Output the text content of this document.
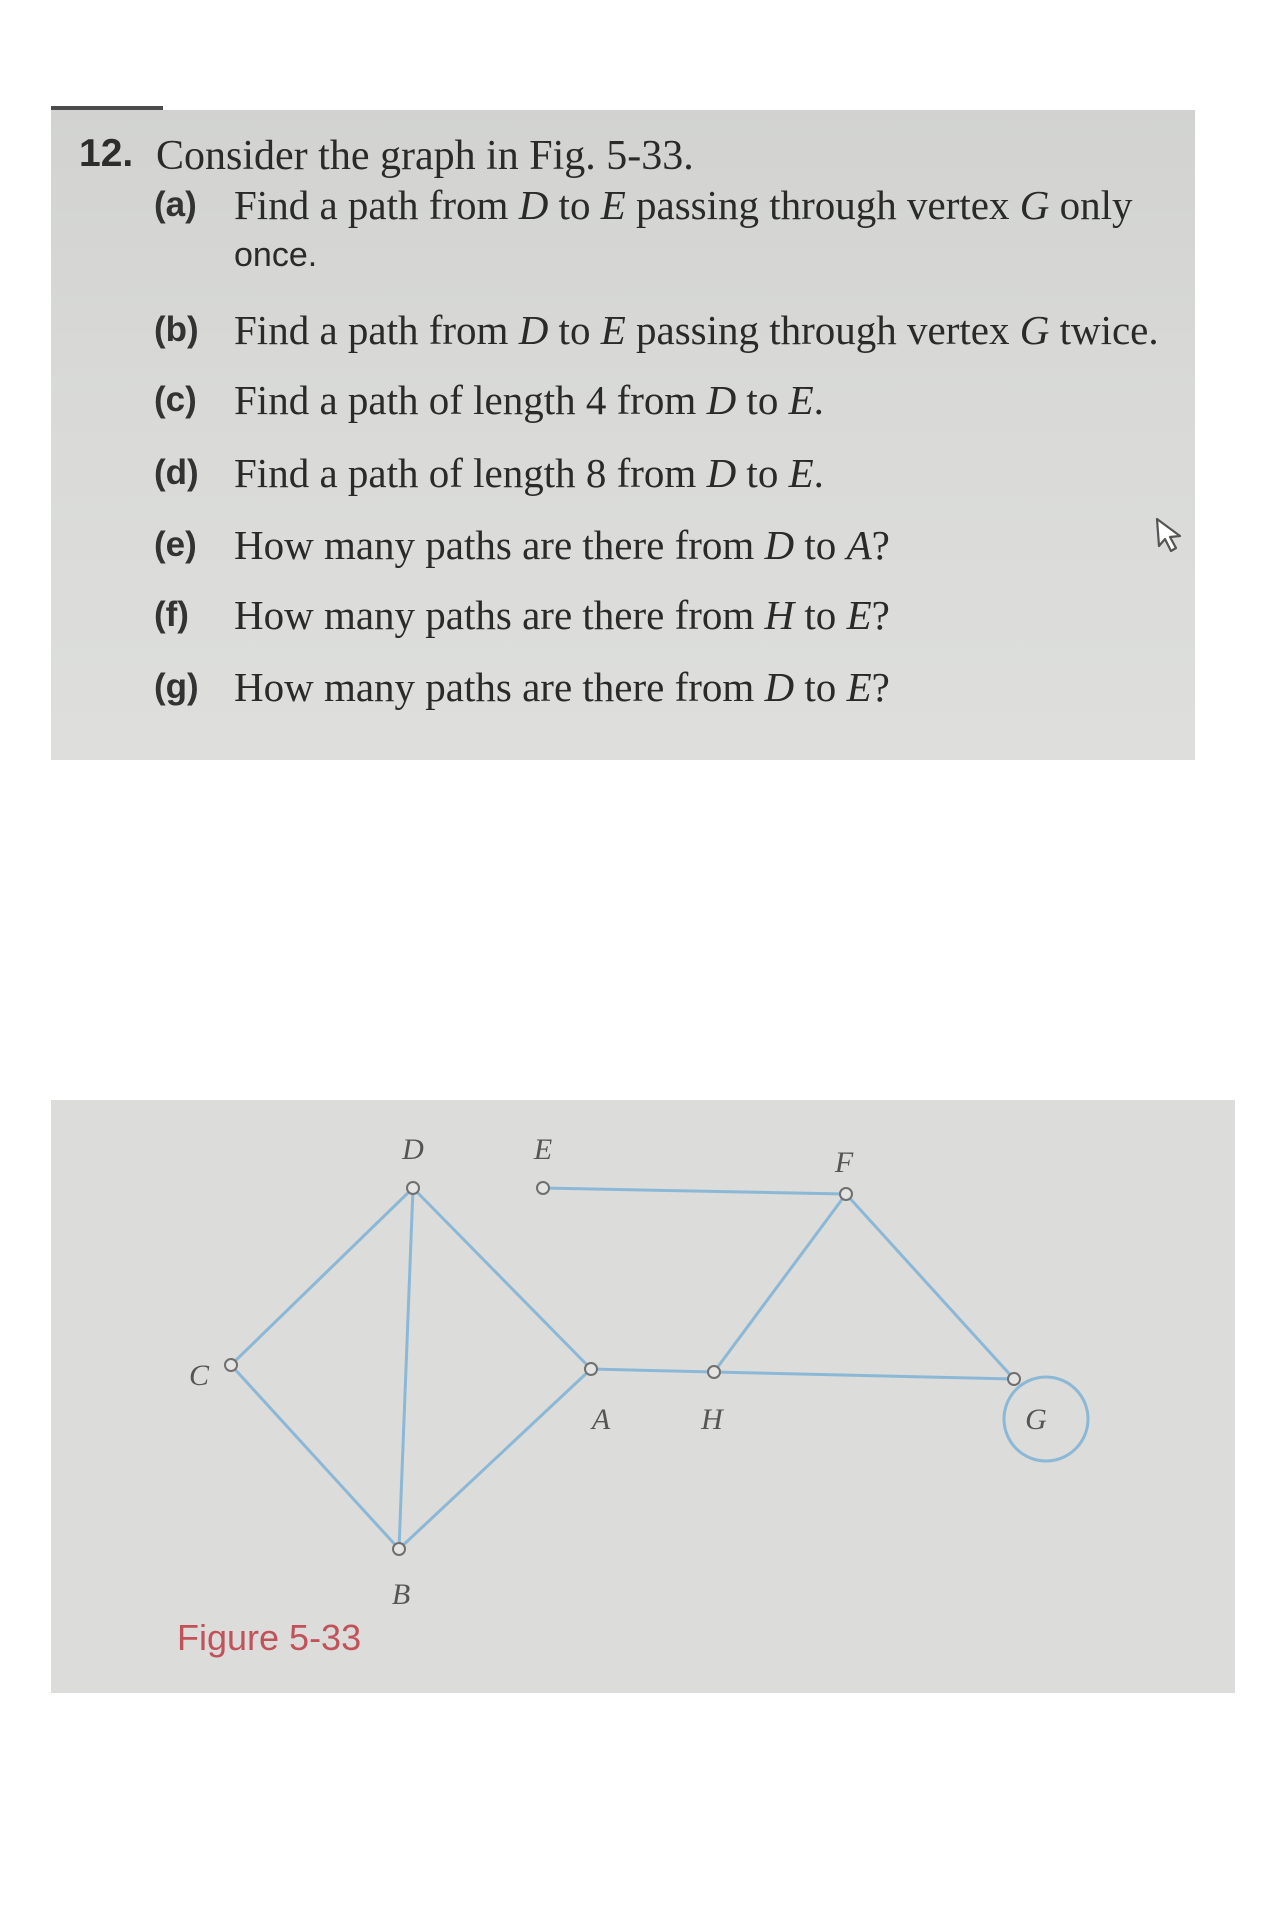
12. Consider the graph in Fig. 5-33.
(a) Find a path from D to E passing through vertex G only
once.
(b) Find a path from D to E passing through vertex G twice.
(c) Find a path of length 4 from D to E.
(d) Find a path of length 8 from D to E.
(e) How many paths are there from D to A?
(f) How many paths are there from H to E?
(g) How many paths are there from D to E?
D	E	F
C
A	H	G
B
Figure 5-33
